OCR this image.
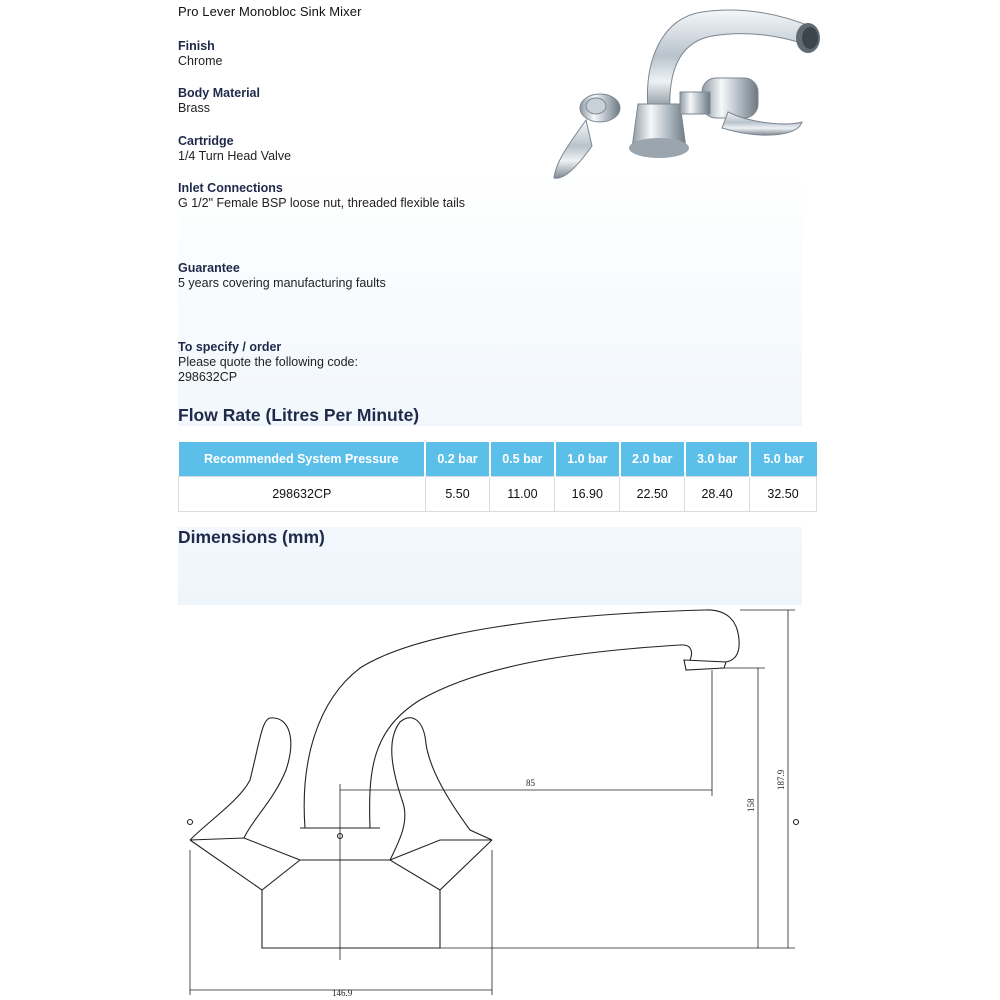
Pro Lever Monobloc Sink Mixer
Finish
Chrome
Body Material
Brass
Cartridge
1/4 Turn Head Valve
Inlet Connections
G 1/2" Female BSP loose nut, threaded flexible tails
Guarantee
5 years covering manufacturing faults
To specify / order
Please quote the following code:
298632CP
Flow Rate (Litres Per Minute)
Recommended System Pressure	0.2 bar	0.5 bar	1.0 bar	2.0 bar	3.0 bar	5.0 bar
298632CP	5.50	11.00	16.90	22.50	28.40	32.50
Dimensions (mm)
85
158
187.9
146.9
